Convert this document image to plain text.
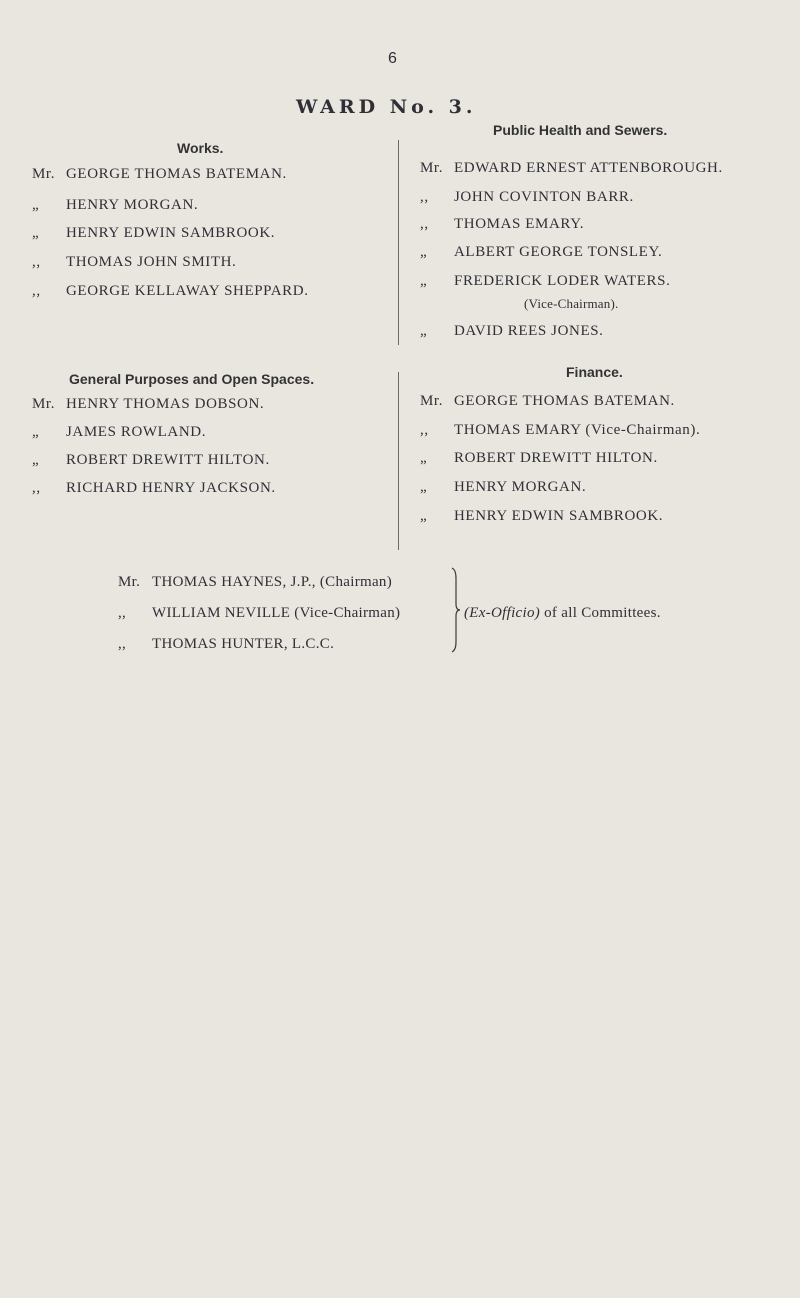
6
WARD No. 3.
Works.
Mr. GEORGE THOMAS BATEMAN.
„ HENRY MORGAN.
„ HENRY EDWIN SAMBROOK.
,, THOMAS JOHN SMITH.
,, GEORGE KELLAWAY SHEPPARD.
Public Health and Sewers.
Mr. EDWARD ERNEST ATTENBOROUGH.
,, JOHN COVINTON BARR.
,, THOMAS EMARY.
„ ALBERT GEORGE TONSLEY.
„ FREDERICK LODER WATERS.
(Vice-Chairman).
„ DAVID REES JONES.
General Purposes and Open Spaces.
Mr. HENRY THOMAS DOBSON.
„ JAMES ROWLAND.
„ ROBERT DREWITT HILTON.
,, RICHARD HENRY JACKSON.
Finance.
Mr. GEORGE THOMAS BATEMAN.
,, THOMAS EMARY (Vice-Chairman).
„ ROBERT DREWITT HILTON.
„ HENRY MORGAN.
„ HENRY EDWIN SAMBROOK.
Mr. THOMAS HAYNES, J.P., (Chairman)
,, WILLIAM NEVILLE (Vice-Chairman)
,, THOMAS HUNTER, L.C.C.
(Ex-Officio) of all Committees.
